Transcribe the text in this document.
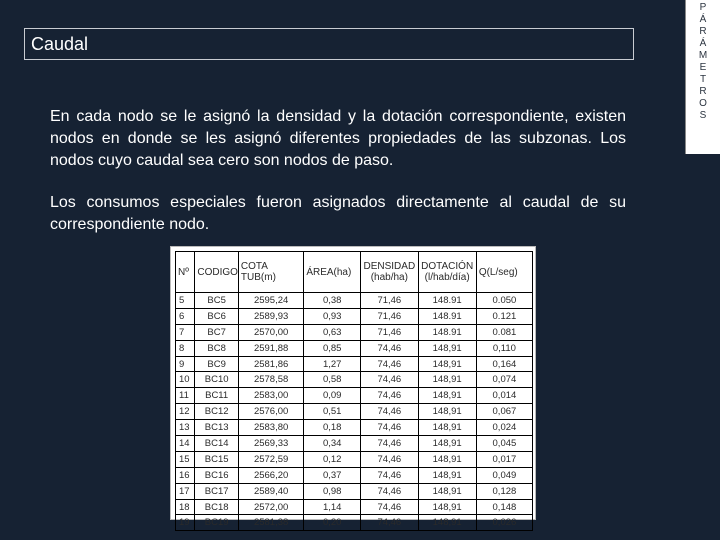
Caudal
P
Á
R
Á
M
E
T
R
O
S
En cada nodo se le asignó la densidad y la dotación correspondiente, existen nodos en donde se les asignó diferentes propiedades de las subzonas. Los nodos cuyo caudal sea cero son nodos de paso.
Los consumos especiales fueron asignados directamente al caudal de su correspondiente nodo.
Nº	CODIGO	COTA TUB(m)	ÁREA(ha)	DENSIDAD (hab/ha)	DOTACIÓN (l/hab/día)	Q(L/seg)
5	BC5	2595,24	0,38	71,46	148.91	0.050
6	BC6	2589,93	0,93	71,46	148.91	0.121
7	BC7	2570,00	0,63	71,46	148.91	0.081
8	BC8	2591,88	0,85	74,46	148,91	0,110
9	BC9	2581,86	1,27	74,46	148,91	0,164
10	BC10	2578,58	0,58	74,46	148,91	0,074
11	BC11	2583,00	0,09	74,46	148,91	0,014
12	BC12	2576,00	0,51	74,46	148,91	0,067
13	BC13	2583,80	0,18	74,46	148,91	0,024
14	BC14	2569,33	0,34	74,46	148,91	0,045
15	BC15	2572,59	0,12	74,46	148,91	0,017
16	BC16	2566,20	0,37	74,46	148,91	0,049
17	BC17	2589,40	0,98	74,46	148,91	0,128
18	BC18	2572,00	1,14	74,46	148,91	0,148
19	BC19	2581,38	0,20	74,46	148,91	0,026
